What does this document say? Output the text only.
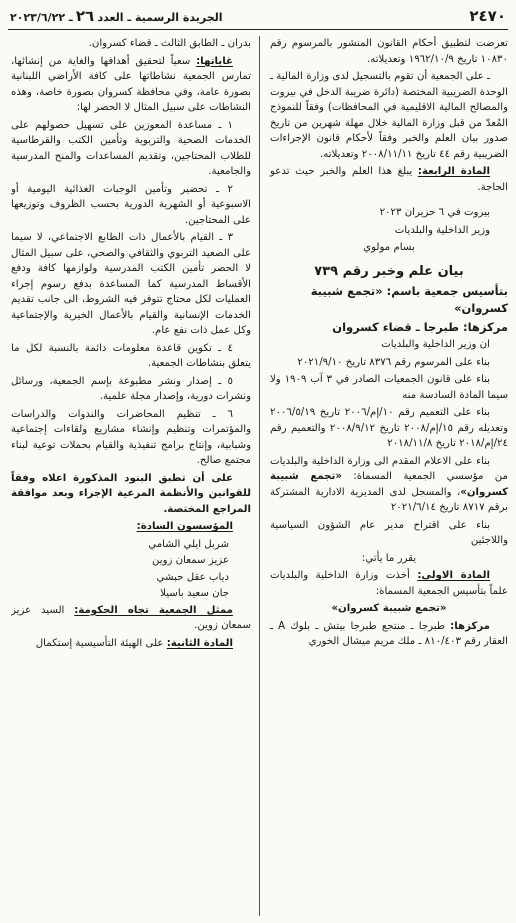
٢٤٧٠
الجريدة الرسمية ـ العدد ٢٦ ـ ٢٠٢٣/٦/٢٢

تعرضت لتطبيق أحكام القانون المنشور بالمرسوم رقم ١٠٨٣٠ تاريخ ١٩٦٢/١٠/٩ وتعديلاته.

ـ على الجمعية أن تقوم بالتسجيل لدى وزارة المالية ـ الوحدة الضريبية المختصة (دائرة ضريبة الدخل في بيروت والمصالح المالية الاقليمية في المحافظات) وفقاً للنموذج المُعدّ من قبل وزارة المالية خلال مهلة شهرين من تاريخ صدور بيان العلم والخبر وفقاً لأحكام قانون الإجراءات الضريبية رقم ٤٤ تاريخ ٢٠٠٨/١١/١١ وتعديلاته.

المادة الرابعة: يبلغ هذا العلم والخبر حيث تدعو الحاجة.

بيروت في ٦ حزيران ٢٠٢٣

وزير الداخلية والبلديات

بسام مولوي

بيان علم وخبر رقم ٧٣٩
بتأسيس جمعية باسم: «تجمع شبيبة كسروان»
مركزها: طبرجا ـ قضاء كسروان

ان وزير الداخلية والبلديات

بناء على المرسوم رقم ٨٣٧٦ تاريخ ٢٠٢١/٩/١٠

بناء على قانون الجمعيات الصادر في ٣ آب ١٩٠٩ ولا سيما المادة السادسة منه

بناء على التعميم رقم ١٠/إم/٢٠٠٦ تاريخ ٢٠٠٦/٥/١٩ وتعديله رقم ١٥/إم/٢٠٠٨ تاريخ ٢٠٠٨/٩/١٢ والتعميم رقم ٢٤/إم/٢٠١٨ تاريخ ٢٠١٨/١١/٨

بناء على الاعلام المقدم الى وزارة الداخلية والبلديات من مؤسسي الجمعية المسماة: «تجمع شبيبة كسروان»، والمسجل لدى المديرية الادارية المشتركة برقم ٨٧١٧ تاريخ ٢٠٢١/٦/١٤

بناء على اقتراح مدير عام الشؤون السياسية واللاجئين

يقرر ما يأتي:

المادة الاولى: أخذت وزارة الداخلية والبلديات علماً بتأسيس الجمعية المسماة:

«تجمع شبيبة كسروان»

مركزها: طبرجا ـ منتجع طبرجا بيتش ـ بلوك A ـ العقار رقم ٨١٠/٤٠٣ ـ ملك مريم ميشال الخوري

بدران ـ الطابق الثالث ـ قضاء كسروان.

غاياتها: سعياً لتحقيق أهدافها والغاية من إنشائها، تمارس الجمعية نشاطاتها على كافة الأراضي اللبنانية بصورة عامة، وفي محافظة كسروان بصورة خاصة، وهذه النشاطات على سبيل المثال لا الحصر لها:

١ ـ مساعدة المعوزين على تسهيل حصولهم على الخدمات الصحية والتربوية وتأمين الكتب والقرطاسية للطلاب المحتاجين، وتقديم المساعدات والمنح المدرسية والجامعية.

٢ ـ تحضير وتأمين الوجبات الغذائية اليومية أو الاسبوعية أو الشهرية الدورية بحسب الظروف وتوزيعها على المحتاجين.

٣ ـ القيام بالأعمال ذات الطابع الاجتماعي، لا سيما على الصعيد التربوي والثقافي والصحي، على سبيل المثال لا الحصر تأمين الكتب المدرسية ولوازمها كافة ودفع الأقساط المدرسية كما المساعدة بدفع رسوم إجراء العمليات لكل محتاج تتوفر فيه الشروط، الى جانب تقديم الخدمات الإنسانية والقيام بالأعمال الخيرية والإجتماعية وكل عمل ذات نفع عام.

٤ ـ تكوين قاعدة معلومات دائمة بالنسبة لكل ما يتعلق بنشاطات الجمعية.

٥ ـ إصدار ونشر مطبوعة بإسم الجمعية، ورسائل ونشرات دورية، وإصدار مجلة علمية.

٦ ـ تنظيم المحاضرات والندوات والدراسات والمؤتمرات وتنظيم وإنشاء مشاريع ولقاءات إجتماعية وشبابية، وإنتاج برامج تنفيذية والقيام بحملات توعية لبناء مجتمع صالح.

على أن تطبق البنود المذكورة اعلاه وفقاً للقوانين والأنظمة المرعية الإجراء وبعد موافقة المراجع المختصة.

المؤسسون السادة:

شربل ايلي الشامي

عزيز سمعان زوين

دياب عقل حبشي

جان سعيد باسيلا

ممثل الجمعية تجاه الحكومة: السيد عزيز سمعان زوين.

المادة الثانية: على الهيئة التأسيسية إستكمال
